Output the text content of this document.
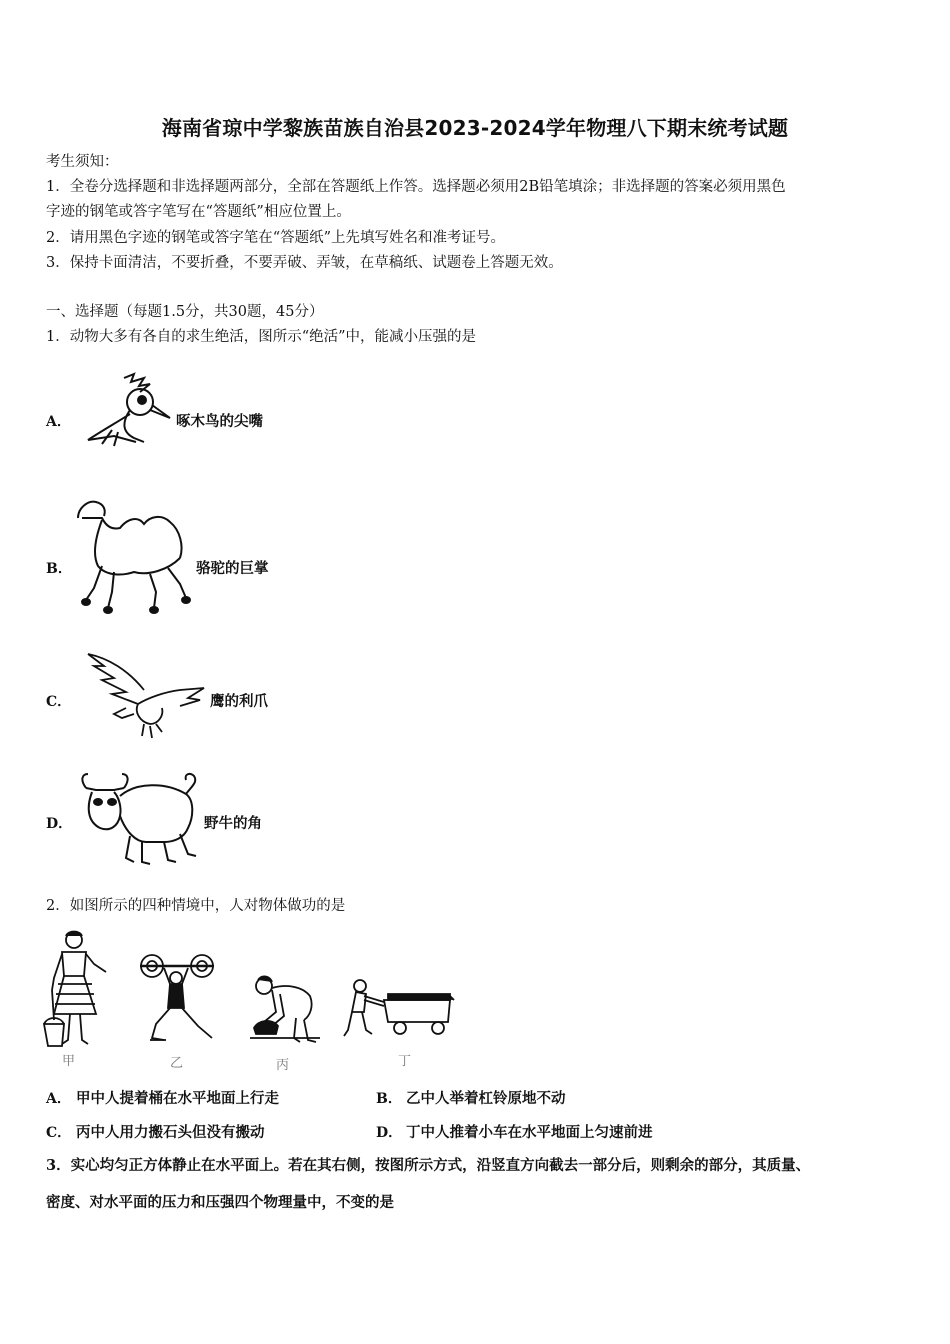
海南省琼中学黎族苗族自治县2023-2024学年物理八下期末统考试题
考生须知：
1．全卷分选择题和非选择题两部分，全部在答题纸上作答。选择题必须用2B铅笔填涂；非选择题的答案必须用黑色
字迹的钢笔或答字笔写在“答题纸”相应位置上。
2．请用黑色字迹的钢笔或答字笔在“答题纸”上先填写姓名和准考证号。
3．保持卡面清洁，不要折叠，不要弄破、弄皱，在草稿纸、试题卷上答题无效。
一、选择题（每题1.5分，共30题，45分）
1．动物大多有各自的求生绝活，图所示“绝活”中，能减小压强的是
A．	啄木鸟的尖嘴
B．	骆驼的巨掌
C．	鹰的利爪
D．	野牛的角
2．如图所示的四种情境中，人对物体做功的是
甲	乙	丙	丁
A． 甲中人提着桶在水平地面上行走	B． 乙中人举着杠铃原地不动
C． 丙中人用力搬石头但没有搬动	D． 丁中人推着小车在水平地面上匀速前进
3．实心均匀正方体静止在水平面上。若在其右侧，按图所示方式，沿竖直方向截去一部分后，则剩余的部分，其质量、
密度、对水平面的压力和压强四个物理量中，不变的是
